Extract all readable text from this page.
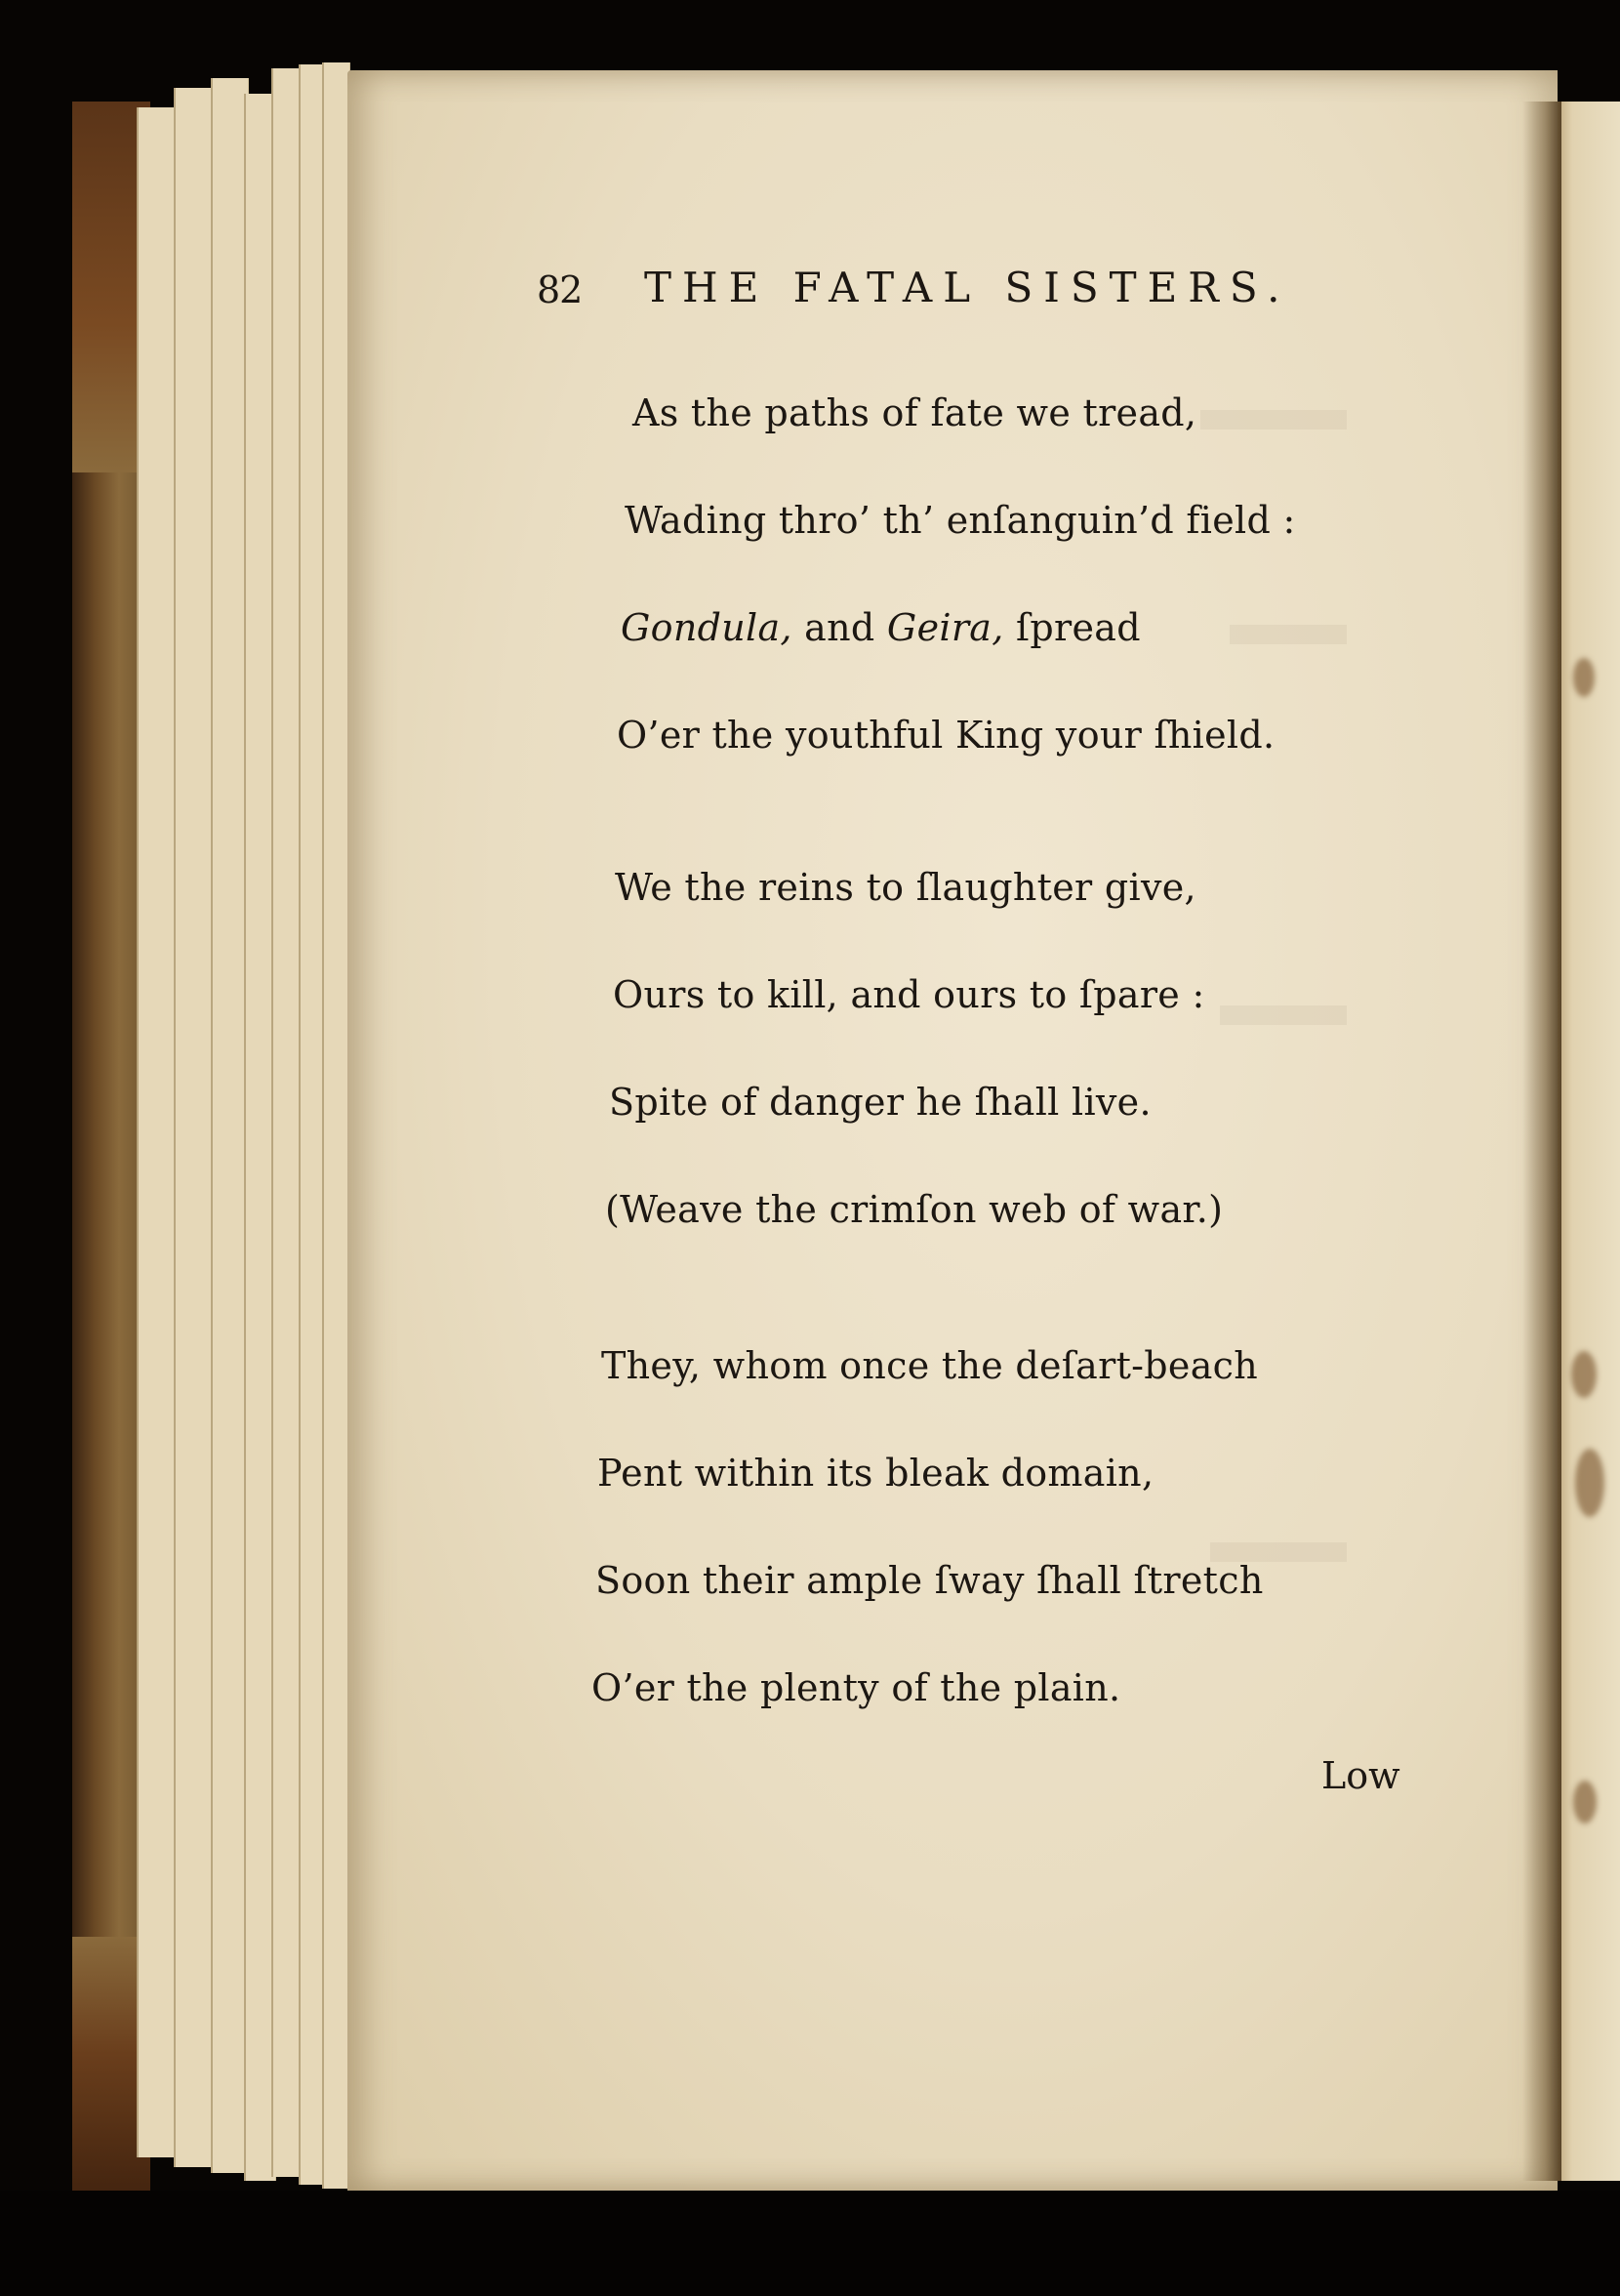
82 THE FATAL SISTERS.
As the paths of fate we tread,
Wading thro’ th’ enſanguin’d field :
Gondula, and Geira, ſpread
O’er the youthful King your ſhield.
We the reins to ſlaughter give,
Ours to kill, and ours to ſpare :
Spite of danger he ſhall live.
(Weave the crimſon web of war.)
They, whom once the deſart-beach
Pent within its bleak domain,
Soon their ample ſway ſhall ſtretch
O’er the plenty of the plain.
Low
